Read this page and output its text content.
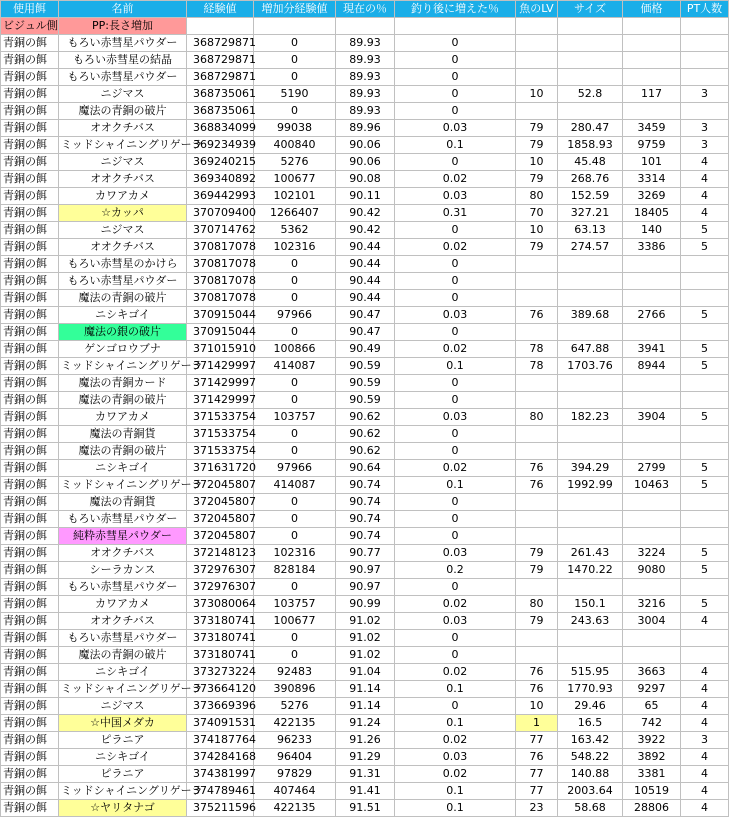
使用餌	名前	経験値	増加分経験値	現在の％	釣り後に増えた％	魚のLV	サイズ	価格	PT人数
ビジュル側	PP:長さ増加								
青銅の餌	もろい赤彗星パウダー	368729871	0	89.93	0				
青銅の餌	もろい赤彗星の結晶	368729871	0	89.93	0				
青銅の餌	もろい赤彗星パウダー	368729871	0	89.93	0				
青銅の餌	ニジマス	368735061	5190	89.93	0	10	52.8	117	3
青銅の餌	魔法の青銅の破片	368735061	0	89.93	0				
青銅の餌	オオクチバス	368834099	99038	89.96	0.03	79	280.47	3459	3
青銅の餌	ミッドシャイニングリゲーラ	369234939	400840	90.06	0.1	79	1858.93	9759	3
青銅の餌	ニジマス	369240215	5276	90.06	0	10	45.48	101	4
青銅の餌	オオクチバス	369340892	100677	90.08	0.02	79	268.76	3314	4
青銅の餌	カワアカメ	369442993	102101	90.11	0.03	80	152.59	3269	4
青銅の餌	☆カッパ	370709400	1266407	90.42	0.31	70	327.21	18405	4
青銅の餌	ニジマス	370714762	5362	90.42	0	10	63.13	140	5
青銅の餌	オオクチバス	370817078	102316	90.44	0.02	79	274.57	3386	5
青銅の餌	もろい赤彗星のかけら	370817078	0	90.44	0				
青銅の餌	もろい赤彗星パウダー	370817078	0	90.44	0				
青銅の餌	魔法の青銅の破片	370817078	0	90.44	0				
青銅の餌	ニシキゴイ	370915044	97966	90.47	0.03	76	389.68	2766	5
青銅の餌	魔法の銀の破片	370915044	0	90.47	0				
青銅の餌	ゲンゴロウブナ	371015910	100866	90.49	0.02	78	647.88	3941	5
青銅の餌	ミッドシャイニングリゲーラ	371429997	414087	90.59	0.1	78	1703.76	8944	5
青銅の餌	魔法の青銅カード	371429997	0	90.59	0				
青銅の餌	魔法の青銅の破片	371429997	0	90.59	0				
青銅の餌	カワアカメ	371533754	103757	90.62	0.03	80	182.23	3904	5
青銅の餌	魔法の青銅貨	371533754	0	90.62	0				
青銅の餌	魔法の青銅の破片	371533754	0	90.62	0				
青銅の餌	ニシキゴイ	371631720	97966	90.64	0.02	76	394.29	2799	5
青銅の餌	ミッドシャイニングリゲーラ	372045807	414087	90.74	0.1	76	1992.99	10463	5
青銅の餌	魔法の青銅貨	372045807	0	90.74	0				
青銅の餌	もろい赤彗星パウダー	372045807	0	90.74	0				
青銅の餌	純粋赤彗星パウダー	372045807	0	90.74	0				
青銅の餌	オオクチバス	372148123	102316	90.77	0.03	79	261.43	3224	5
青銅の餌	シーラカンス	372976307	828184	90.97	0.2	79	1470.22	9080	5
青銅の餌	もろい赤彗星パウダー	372976307	0	90.97	0				
青銅の餌	カワアカメ	373080064	103757	90.99	0.02	80	150.1	3216	5
青銅の餌	オオクチバス	373180741	100677	91.02	0.03	79	243.63	3004	4
青銅の餌	もろい赤彗星パウダー	373180741	0	91.02	0				
青銅の餌	魔法の青銅の破片	373180741	0	91.02	0				
青銅の餌	ニシキゴイ	373273224	92483	91.04	0.02	76	515.95	3663	4
青銅の餌	ミッドシャイニングリゲーラ	373664120	390896	91.14	0.1	76	1770.93	9297	4
青銅の餌	ニジマス	373669396	5276	91.14	0	10	29.46	65	4
青銅の餌	☆中国メダカ	374091531	422135	91.24	0.1	1	16.5	742	4
青銅の餌	ピラニア	374187764	96233	91.26	0.02	77	163.42	3922	3
青銅の餌	ニシキゴイ	374284168	96404	91.29	0.03	76	548.22	3892	4
青銅の餌	ピラニア	374381997	97829	91.31	0.02	77	140.88	3381	4
青銅の餌	ミッドシャイニングリゲーラ	374789461	407464	91.41	0.1	77	2003.64	10519	4
青銅の餌	☆ヤリタナゴ	375211596	422135	91.51	0.1	23	58.68	28806	4
